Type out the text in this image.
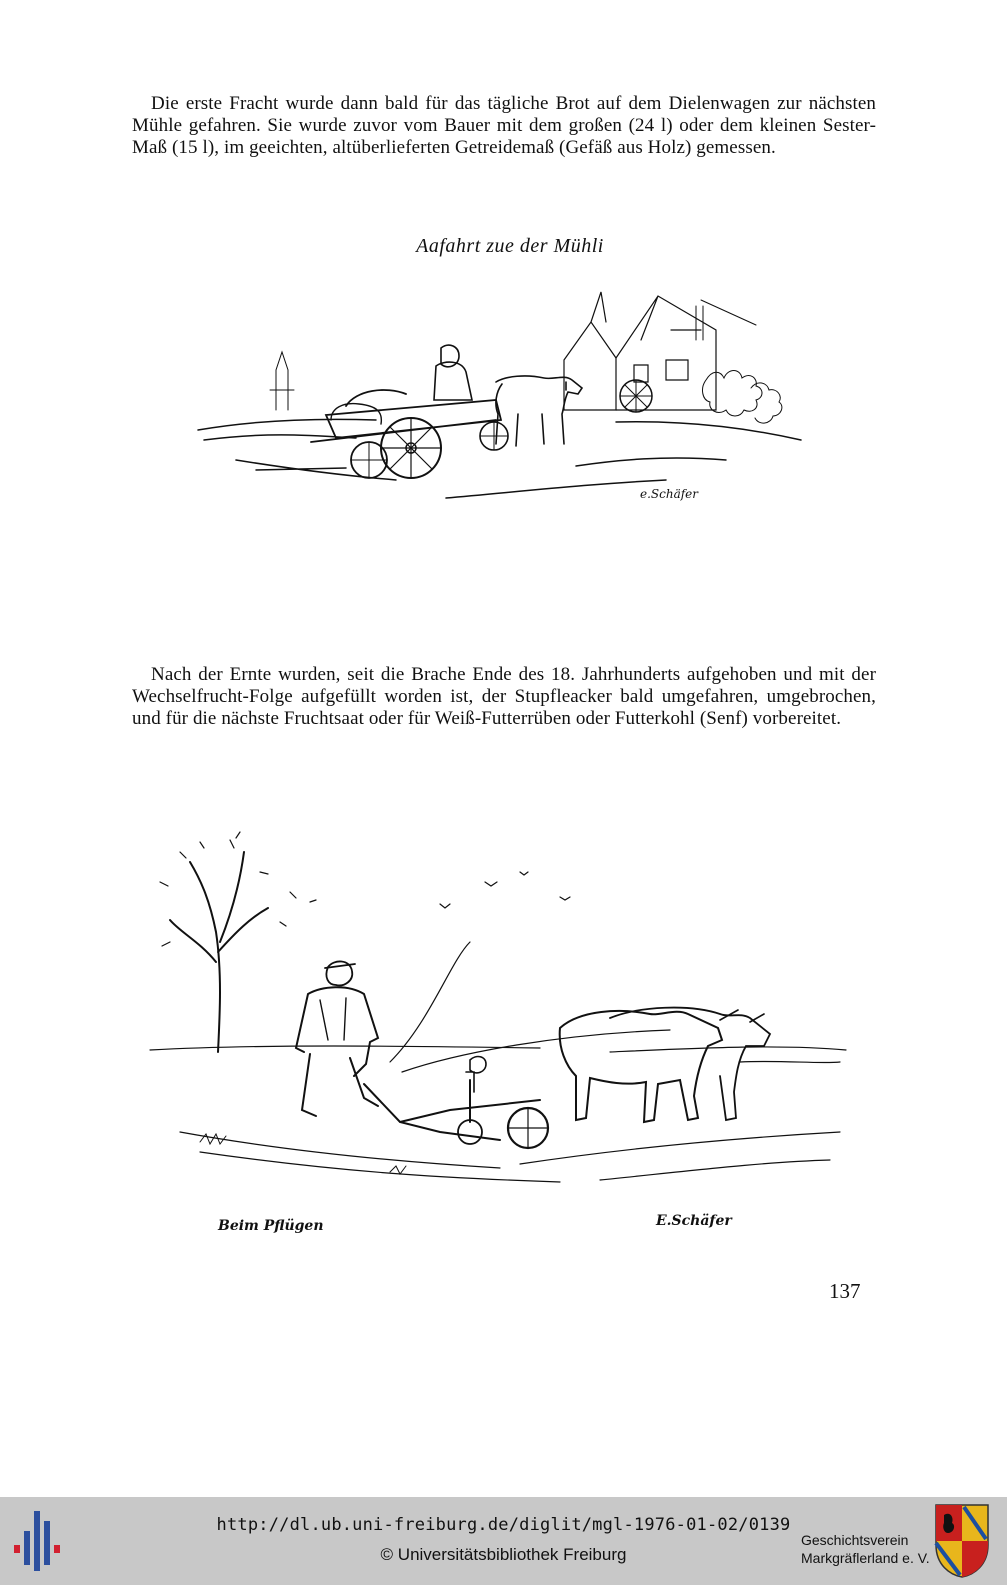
Die erste Fracht wurde dann bald für das tägliche Brot auf dem Dielenwagen zur nächsten Mühle gefahren. Sie wurde zuvor vom Bauer mit dem großen (24 l) oder dem kleinen Sester-Maß (15 l), im geeichten, altüberlieferten Getreidemaß (Gefäß aus Holz) gemessen.

Aafahrt zue der Mühli
e.Schäfer

Nach der Ernte wurden, seit die Brache Ende des 18. Jahrhunderts aufgehoben und mit der Wechselfrucht-Folge aufgefüllt worden ist, der Stupfleacker bald umgefahren, umgebrochen, und für die nächste Fruchtsaat oder für Weiß-Futterrüben oder Futterkohl (Senf) vorbereitet.

Beim Pflügen	E.Schäfer
137
http://dl.ub.uni-freiburg.de/diglit/mgl-1976-01-02/0139
© Universitätsbibliothek Freiburg
Geschichtsverein
Markgräflerland e. V.
